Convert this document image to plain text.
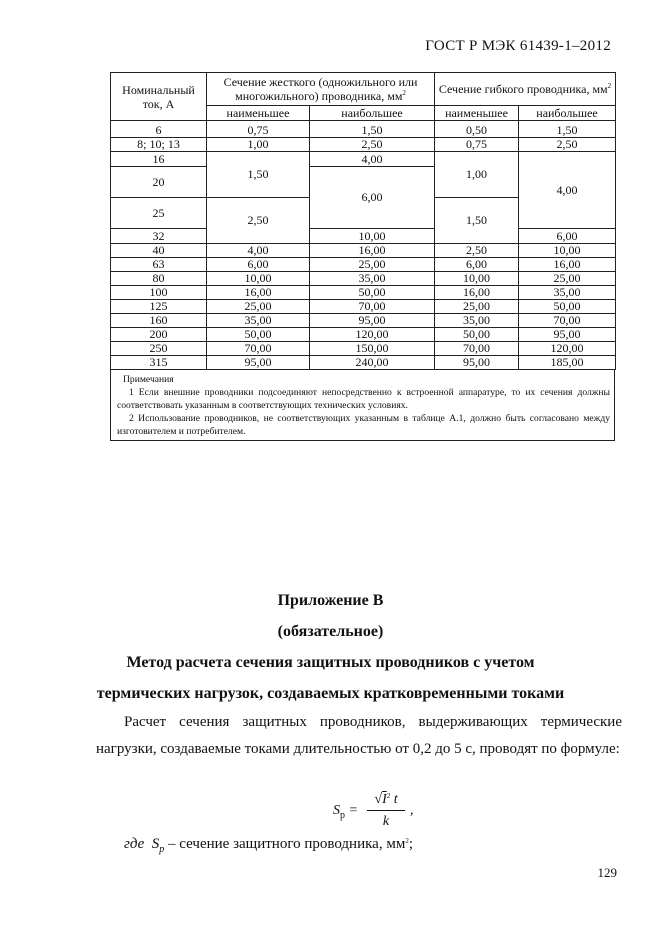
ГОСТ Р МЭК 61439-1–2012
Номинальный ток, А	Сечение жесткого (одножильного или многожильного) проводника, $мм^2$		Сечение гибкого проводника, $мм^2$
	наименьшее	наибольшее	наименьшее	наибольшее
6	0,75	1,50	0,50	1,50
8; 10; 13	1,00	2,50	0,75	2,50
16	1,50	4,00	1,00	4,00
20		6,00		
25	2,50		1,50	
32		10,00		6,00
40	4,00	16,00	2,50	10,00
63	6,00	25,00	6,00	16,00
80	10,00	35,00	10,00	25,00
100	16,00	50,00	16,00	35,00
125	25,00	70,00	25,00	50,00
160	35,00	95,00	35,00	70,00
200	50,00	120,00	50,00	95,00
250	70,00	150,00	70,00	120,00
315	95,00	240,00	95,00	185,00

Примечания

1 Если внешние проводники подсоединяют непосредственно к встроенной аппаратуре, то их сечения должны соответствовать указанным в соответствующих технических условиях.

2 Использование проводников, не соответствующих указанным в таблице А.1, должно быть согласовано между изготовителем и потребителем.

Приложение В
(обязательное)
Метод расчета сечения защитных проводников с учетом
термических нагрузок, создаваемых кратковременными токами
Расчет сечения защитных проводников, выдерживающих термические нагрузки, создаваемые токами длительностью от 0,2 до 5 с, проводят по формуле:
$S_p$ =
$√I^2$ t
k
,
где $S_p$ – сечение защитного проводника, $мм^2$;
129
